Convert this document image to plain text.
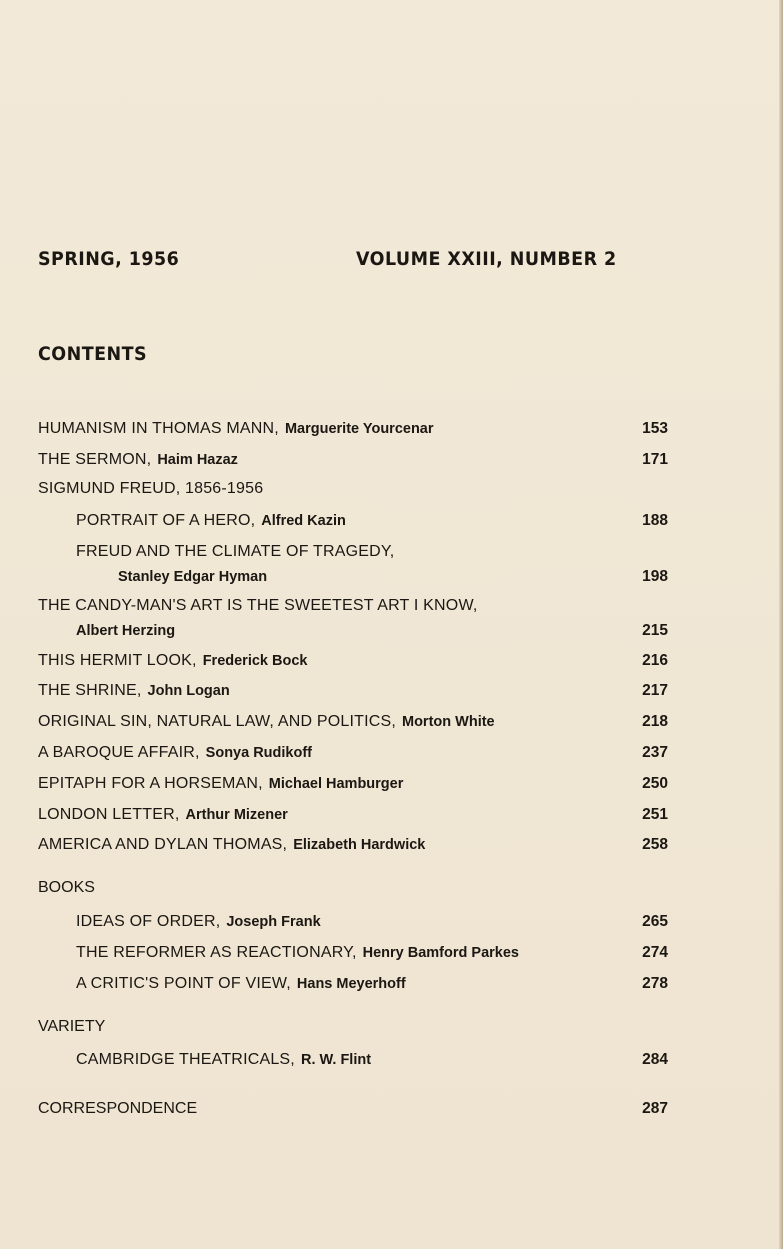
SPRING, 1956	VOLUME XXIII, NUMBER 2
CONTENTS
HUMANISM IN THOMAS MANN, Marguerite Yourcenar	153
THE SERMON, Haim Hazaz	171
SIGMUND FREUD, 1856-1956
PORTRAIT OF A HERO, Alfred Kazin	188
FREUD AND THE CLIMATE OF TRAGEDY,
Stanley Edgar Hyman	198
THE CANDY-MAN'S ART IS THE SWEETEST ART I KNOW,
Albert Herzing	215
THIS HERMIT LOOK, Frederick Bock	216
THE SHRINE, John Logan	217
ORIGINAL SIN, NATURAL LAW, AND POLITICS, Morton White	218
A BAROQUE AFFAIR, Sonya Rudikoff	237
EPITAPH FOR A HORSEMAN, Michael Hamburger	250
LONDON LETTER, Arthur Mizener	251
AMERICA AND DYLAN THOMAS, Elizabeth Hardwick	258
BOOKS
IDEAS OF ORDER, Joseph Frank	265
THE REFORMER AS REACTIONARY, Henry Bamford Parkes	274
A CRITIC'S POINT OF VIEW, Hans Meyerhoff	278
VARIETY
CAMBRIDGE THEATRICALS, R. W. Flint	284
CORRESPONDENCE	287
